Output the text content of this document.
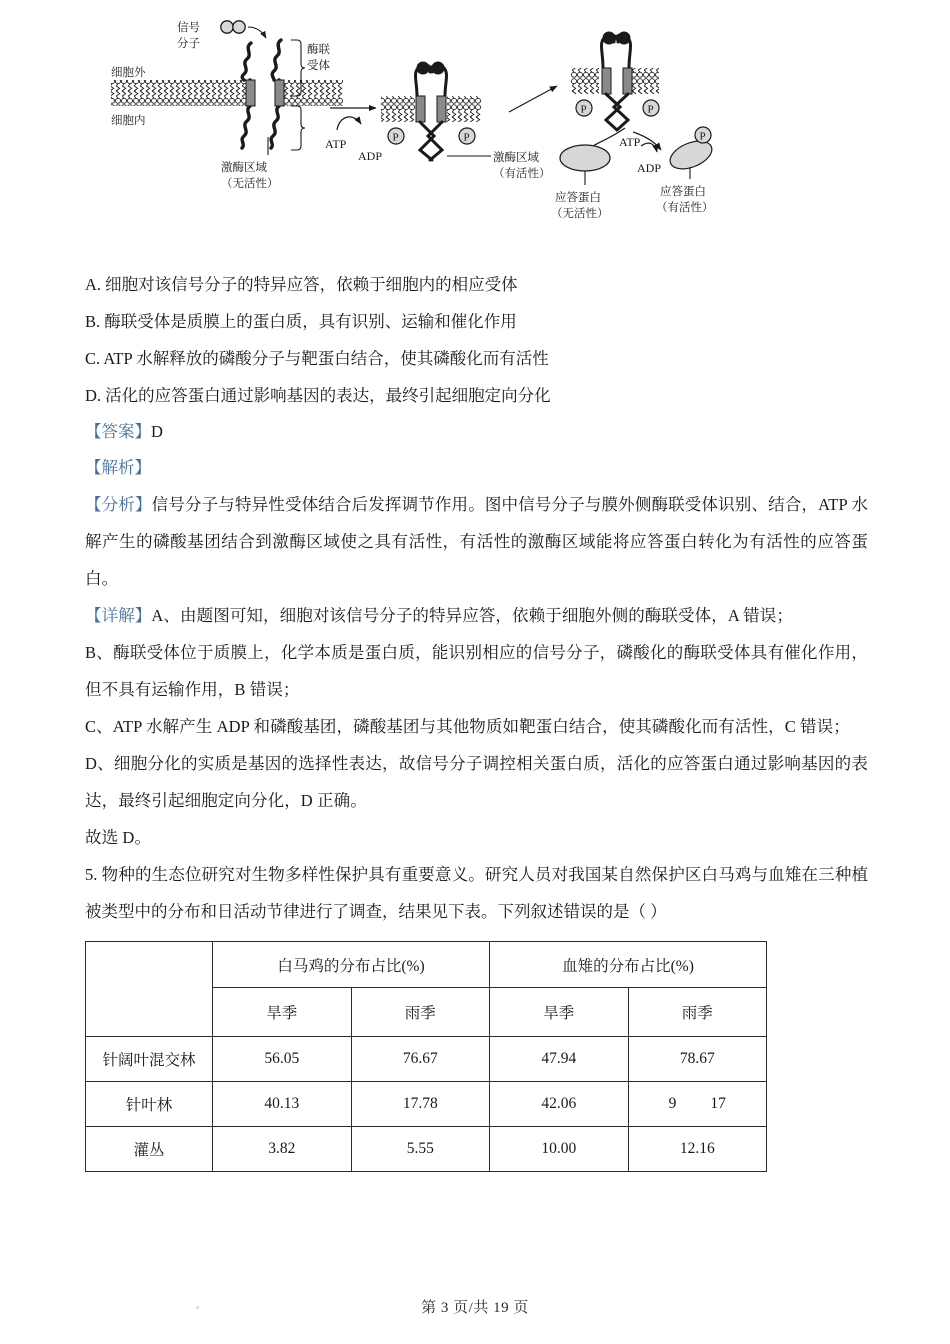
信号
分子	酶联
受体
细胞外
细胞内
激酶区域
（无活性）
ATP
ADP
P	P
激酶区域
（有活性）
P	P
应答蛋白
（无活性）
ATP
ADP
P
应答蛋白
（有活性）
A. 细胞对该信号分子的特异应答，依赖于细胞内的相应受体
B. 酶联受体是质膜上的蛋白质，具有识别、运输和催化作用
C. ATP 水解释放的磷酸分子与靶蛋白结合，使其磷酸化而有活性
D. 活化的应答蛋白通过影响基因的表达，最终引起细胞定向分化
【答案】D
【解析】
【分析】信号分子与特异性受体结合后发挥调节作用。图中信号分子与膜外侧酶联受体识别、结合，ATP 水解产生的磷酸基团结合到激酶区域使之具有活性，有活性的激酶区域能将应答蛋白转化为有活性的应答蛋白。
【详解】A、由题图可知，细胞对该信号分子的特异应答，依赖于细胞外侧的酶联受体，A 错误；
B、酶联受体位于质膜上，化学本质是蛋白质，能识别相应的信号分子，磷酸化的酶联受体具有催化作用，但不具有运输作用，B 错误；
C、ATP 水解产生 ADP 和磷酸基团，磷酸基团与其他物质如靶蛋白结合，使其磷酸化而有活性，C 错误；
D、细胞分化的实质是基因的选择性表达，故信号分子调控相关蛋白质，活化的应答蛋白通过影响基因的表达，最终引起细胞定向分化，D 正确。
故选 D。
5. 物种的生态位研究对生物多样性保护具有重要意义。研究人员对我国某自然保护区白马鸡与血雉在三种植被类型中的分布和日活动节律进行了调查，结果见下表。下列叙述错误的是（ ）
	白马鸡的分布占比(%)		血雉的分布占比(%)	
	旱季	雨季	旱季	雨季
针阔叶混交林	56.05	76.67	47.94	78.67
针叶林	40.13	17.78	42.06	9 17

灌丛	3.82	5.55	10.00	12.16
第 3 页/共 19 页
